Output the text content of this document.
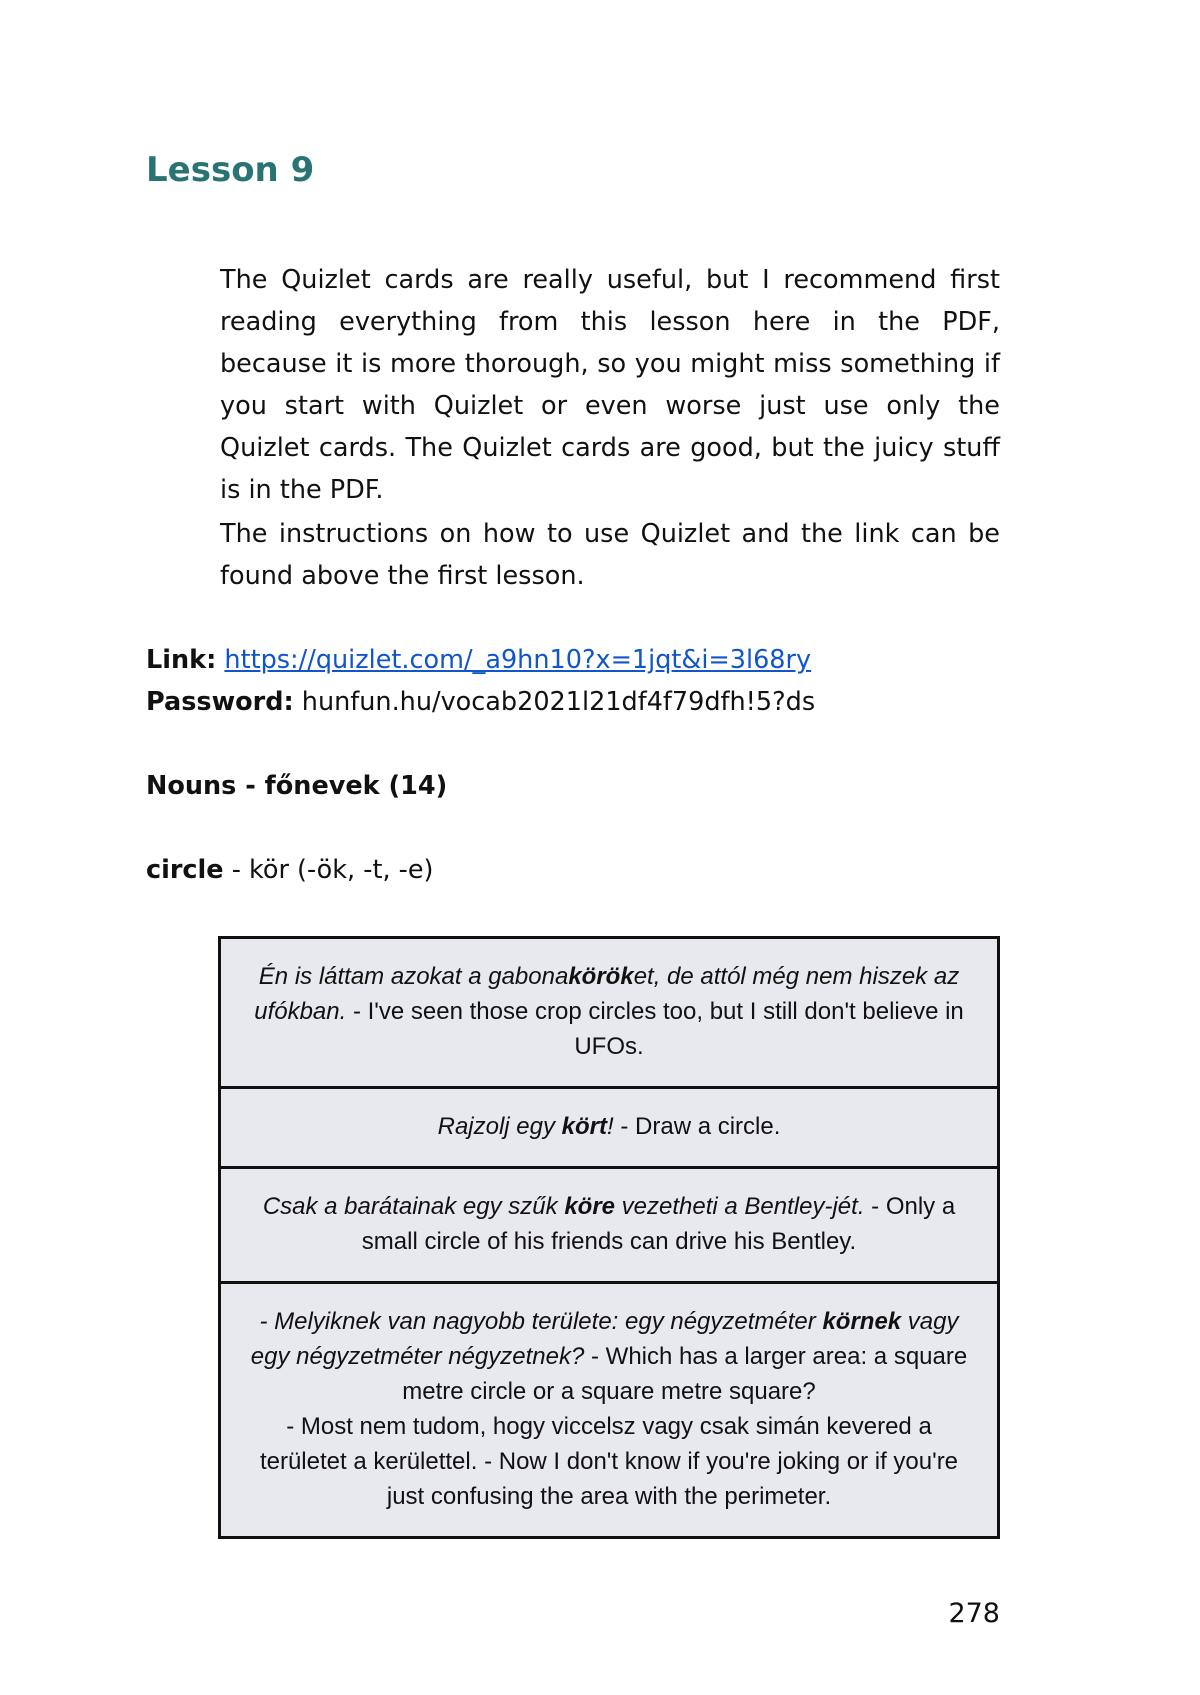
Lesson 9

The Quizlet cards are really useful, but I recommend first reading everything from this lesson here in the PDF, because it is more thorough, so you might miss something if you start with Quizlet or even worse just use only the Quizlet cards. The Quizlet cards are good, but the juicy stuff is in the PDF.

The instructions on how to use Quizlet and the link can be found above the first lesson.

Link: https://quizlet.com/_a9hn10?x=1jqt&i=3l68ry

Password: hunfun.hu/vocab2021l21df4f79dfh!5?ds

Nouns - főnevek (14)

circle - kör (-ök, -t, -e)

Én is láttam azokat a gabonaköröket, de attól még nem hiszek az ufókban. - I've seen those crop circles too, but I still don't believe in UFOs.
Rajzolj egy kört! - Draw a circle.
Csak a barátainak egy szűk köre vezetheti a Bentley-jét. - Only a small circle of his friends can drive his Bentley.
- Melyiknek van nagyobb területe: egy négyzetméter körnek vagy egy négyzetméter négyzetnek? - Which has a larger area: a square metre circle or a square metre square?
- Most nem tudom, hogy viccelsz vagy csak simán kevered a területet a kerülettel. - Now I don't know if you're joking or if you're just confusing the area with the perimeter.

278
